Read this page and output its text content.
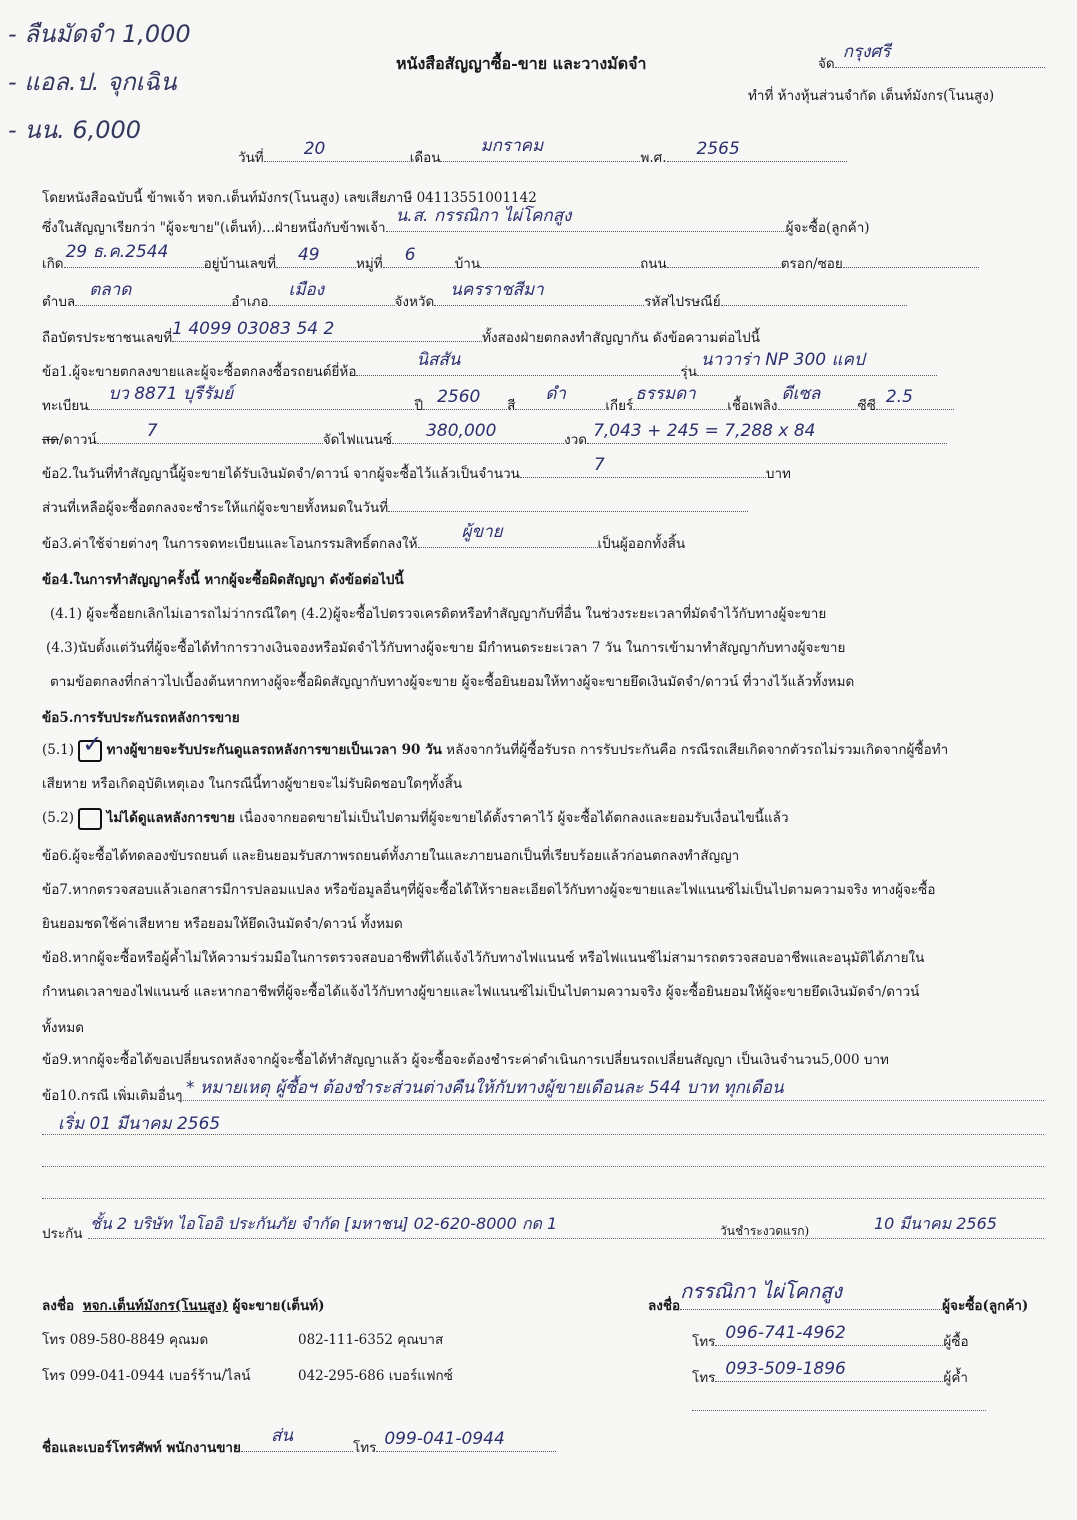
- ลืนมัดจำ 1,000
- แอล.ป. จุกเฉิน
- นน. 6,000
หนังสือสัญญาซื้อ-ขาย และวางมัดจำ	จัด
กรุงศรี
ทำที่ ห้างหุ้นส่วนจำกัด เต็นท์มังกร(โนนสูง)
วันที่ 20	เดือน
มกราคม
พ.ศ. 2565
โดยหนังสือฉบับนี้ ข้าพเจ้า หจก.เต็นท์มังกร(โนนสูง) เลขเสียภาษี 04113551001142
ซึ่งในสัญญาเรียกว่า "ผู้จะขาย"(เต็นท์)...ฝ่ายหนึ่งกับข้าพเจ้า
น.ส. กรรณิกา ไผ่โคกสูง
ผู้จะซื้อ(ลูกค้า)
เกิด
29 ธ.ค.2544
อยู่บ้านเลขที่ 49	หมู่ที่ 6	บ้าน	ถนน	ตรอก/ซอย
ตำบล
ตลาด
อำเภอ
เมือง
จังหวัด
นครราชสีมา
รหัสไปรษณีย์
ถือบัตรประชาชนเลขที่ 1 4099 03083 54 2	ทั้งสองฝ่ายตกลงทำสัญญากัน ดังข้อความต่อไปนี้
ข้อ1.ผู้จะขายตกลงขายและผู้จะซื้อตกลงซื้อรถยนต์ยี่ห้อ
นิสสัน
รุ่น
นาวาร่า NP 300 แคป
ทะเบียน
บว 8871 บุรีรัมย์
ปี 2560 สี
ดำ
เกียร์
ธรรมดา
เชื้อเพลิง
ดีเซล
ซีซี 2.5
สด/ดาวน์	7	จัดไฟแนนซ์ 380,000	งวด 7,043 + 245 = 7,288 x 84
ข้อ2.ในวันที่ทำสัญญานี้ผู้จะขายได้รับเงินมัดจำ/ดาวน์ จากผู้จะซื้อไว้แล้วเป็นจำนวน	7	บาท
ส่วนที่เหลือผู้จะซื้อตกลงจะชำระให้แก่ผู้จะขายทั้งหมดในวันที่
ข้อ3.ค่าใช้จ่ายต่างๆ ในการจดทะเบียนและโอนกรรมสิทธิ์ตกลงให้
ผู้ขาย
เป็นผู้ออกทั้งสิ้น
ข้อ4.ในการทำสัญญาครั้งนี้ หากผู้จะซื้อผิดสัญญา ดังข้อต่อไปนี้
(4.1) ผู้จะซื้อยกเลิกไม่เอารถไม่ว่ากรณีใดๆ (4.2)ผู้จะซื้อไปตรวจเครดิตหรือทำสัญญากับที่อื่น ในช่วงระยะเวลาที่มัดจำไว้กับทางผู้จะขาย
(4.3)นับตั้งแต่วันที่ผู้จะซื้อได้ทำการวางเงินจองหรือมัดจำไว้กับทางผู้จะขาย มีกำหนดระยะเวลา 7 วัน ในการเข้ามาทำสัญญากับทางผู้จะขาย
ตามข้อตกลงที่กล่าวไปเบื้องต้นหากทางผู้จะซื้อผิดสัญญากับทางผู้จะขาย ผู้จะซื้อยินยอมให้ทางผู้จะขายยึดเงินมัดจำ/ดาวน์ ที่วางไว้แล้วทั้งหมด
ข้อ5.การรับประกันรถหลังการขาย
(5.1) ✓ ทางผู้ขายจะรับประกันดูแลรถหลังการขายเป็นเวลา 90 วัน หลังจากวันที่ผู้ซื้อรับรถ การรับประกันคือ กรณีรถเสียเกิดจากตัวรถไม่รวมเกิดจากผู้ซื้อทำ
เสียหาย หรือเกิดอุบัติเหตุเอง ในกรณีนี้ทางผู้ขายจะไม่รับผิดชอบใดๆทั้งสิ้น
(5.2) ไม่ได้ดูแลหลังการขาย เนื่องจากยอดขายไม่เป็นไปตามที่ผู้จะขายได้ตั้งราคาไว้ ผู้จะซื้อได้ตกลงและยอมรับเงื่อนไขนี้แล้ว
ข้อ6.ผู้จะซื้อได้ทดลองขับรถยนต์ และยินยอมรับสภาพรถยนต์ทั้งภายในและภายนอกเป็นที่เรียบร้อยแล้วก่อนตกลงทำสัญญา
ข้อ7.หากตรวจสอบแล้วเอกสารมีการปลอมแปลง หรือข้อมูลอื่นๆที่ผู้จะซื้อได้ให้รายละเอียดไว้กับทางผู้จะขายและไฟแนนซ์ไม่เป็นไปตามความจริง ทางผู้จะซื้อ
ยินยอมชดใช้ค่าเสียหาย หรือยอมให้ยึดเงินมัดจำ/ดาวน์ ทั้งหมด
ข้อ8.หากผู้จะซื้อหรือผู้ค้ำไม่ให้ความร่วมมือในการตรวจสอบอาชีพที่ได้แจ้งไว้กับทางไฟแนนซ์ หรือไฟแนนซ์ไม่สามารถตรวจสอบอาชีพและอนุมัติได้ภายใน
กำหนดเวลาของไฟแนนซ์ และหากอาชีพที่ผู้จะซื้อได้แจ้งไว้กับทางผู้ขายและไฟแนนซ์ไม่เป็นไปตามความจริง ผู้จะซื้อยินยอมให้ผู้จะขายยึดเงินมัดจำ/ดาวน์
ทั้งหมด
ข้อ9.หากผู้จะซื้อได้ขอเปลี่ยนรถหลังจากผู้จะซื้อได้ทำสัญญาแล้ว ผู้จะซื้อจะต้องชำระค่าดำเนินการเปลี่ยนรถเปลี่ยนสัญญา เป็นเงินจำนวน5,000 บาท
ข้อ10.กรณี เพิ่มเติมอื่นๆ * หมายเหตุ ผู้ซื้อฯ ต้องชำระส่วนต่างคืนให้กับทางผู้ขายเดือนละ 544 บาท ทุกเดือน
เริ่ม 01 มีนาคม 2565
ประกัน
ชั้น 2 บริษัท ไอโออิ ประกันภัย จำกัด [มหาชน] 02-620-8000 กด 1	วันชำระงวดแรก)	10 มีนาคม 2565
ลงชื่อ หจก.เต็นท์มังกร(โนนสูง) ผู้จะขาย(เต็นท์)
โทร 089-580-8849 คุณมด	082-111-6352 คุณบาส
โทร 099-041-0944 เบอร์ร้าน/ไลน์	042-295-686 เบอร์แฟกซ์
ลงชื่อ
กรรณิกา ไผ่โคกสูง
ผู้จะซื้อ(ลูกค้า)
โทร 096-741-4962	ผู้ซื้อ
โทร 093-509-1896	ผู้ค้ำ
ชื่อและเบอร์โทรศัพท์ พนักงานขาย
ส่น
โทร 099-041-0944
